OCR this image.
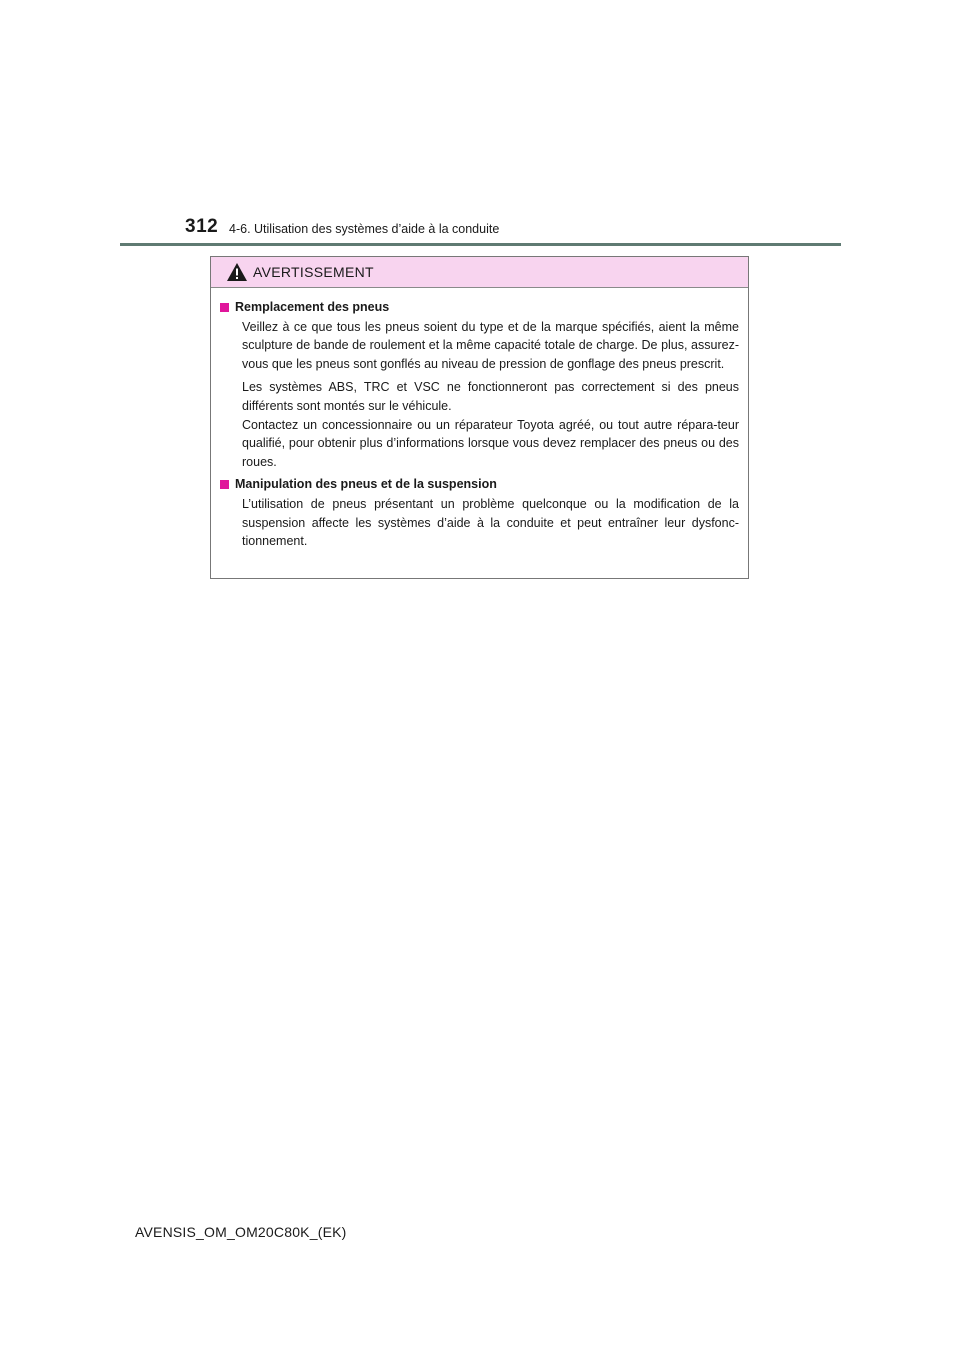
312 4-6. Utilisation des systèmes d’aide à la conduite
AVERTISSEMENT
Remplacement des pneus

Veillez à ce que tous les pneus soient du type et de la marque spécifiés, aient la même sculpture de bande de roulement et la même capacité totale de charge. De plus, assurez-vous que les pneus sont gonflés au niveau de pression de gonflage des pneus prescrit.

Les systèmes ABS, TRC et VSC ne fonctionneront pas correctement si des pneus différents sont montés sur le véhicule.

Contactez un concessionnaire ou un réparateur Toyota agréé, ou tout autre répara-teur qualifié, pour obtenir plus d’informations lorsque vous devez remplacer des pneus ou des roues.

Manipulation des pneus et de la suspension

L’utilisation de pneus présentant un problème quelconque ou la modification de la suspension affecte les systèmes d’aide à la conduite et peut entraîner leur dysfonc-tionnement.

AVENSIS_OM_OM20C80K_(EK)
